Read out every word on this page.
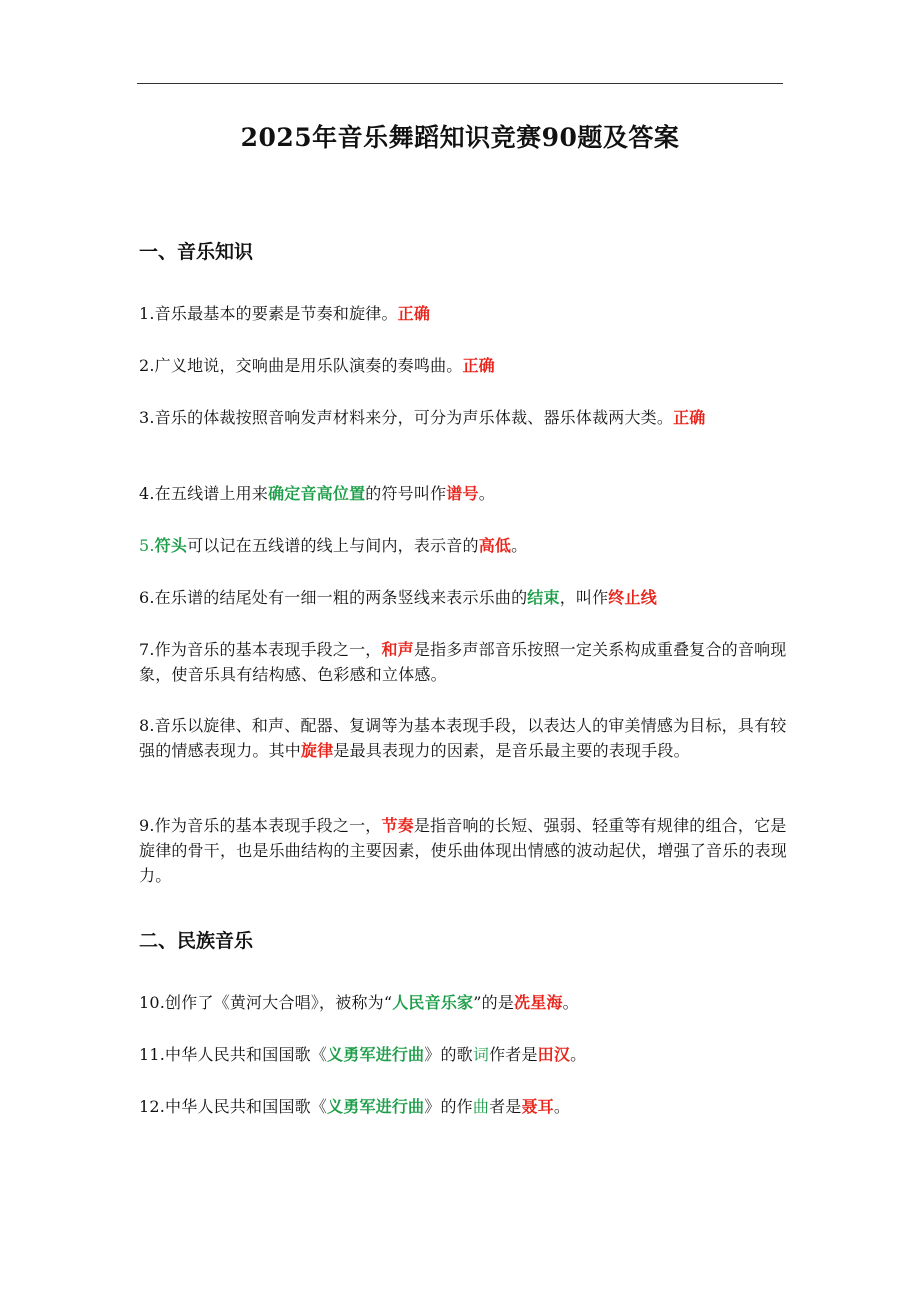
2025年音乐舞蹈知识竞赛90题及答案
一、音乐知识
1.音乐最基本的要素是节奏和旋律。正确
2.广义地说，交响曲是用乐队演奏的奏鸣曲。正确
3.音乐的体裁按照音响发声材料来分，可分为声乐体裁、器乐体裁两大类。正确
4.在五线谱上用来确定音高位置的符号叫作谱号。
5.符头可以记在五线谱的线上与间内，表示音的高低。
6.在乐谱的结尾处有一细一粗的两条竖线来表示乐曲的结束，叫作终止线
7.作为音乐的基本表现手段之一，和声是指多声部音乐按照一定关系构成重叠复合的音响现象，使音乐具有结构感、色彩感和立体感。
8.音乐以旋律、和声、配器、复调等为基本表现手段，以表达人的审美情感为目标，具有较强的情感表现力。其中旋律是最具表现力的因素，是音乐最主要的表现手段。
9.作为音乐的基本表现手段之一，节奏是指音响的长短、强弱、轻重等有规律的组合，它是旋律的骨干，也是乐曲结构的主要因素，使乐曲体现出情感的波动起伏，增强了音乐的表现力。
二、民族音乐
10.创作了《黄河大合唱》，被称为“人民音乐家”的是冼星海。
11.中华人民共和国国歌《义勇军进行曲》的歌词作者是田汉。
12.中华人民共和国国歌《义勇军进行曲》的作曲者是聂耳。
